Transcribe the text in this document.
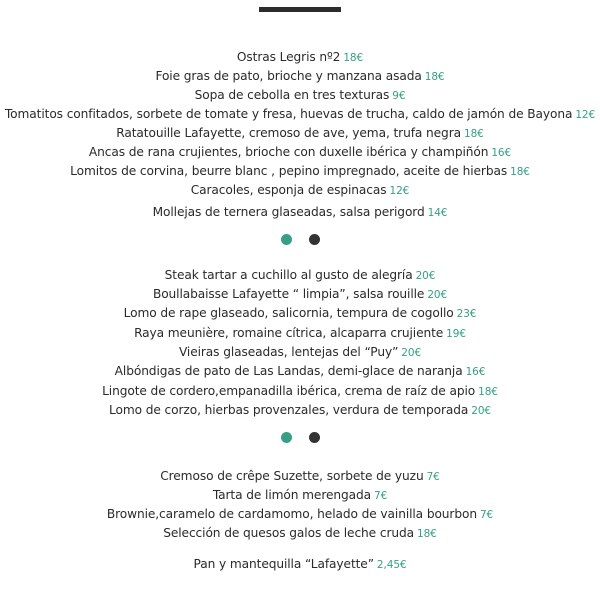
Ostras Legris nº2 18€
Foie gras de pato, brioche y manzana asada 18€
Sopa de cebolla en tres texturas 9€
Tomatitos confitados, sorbete de tomate y fresa, huevas de trucha, caldo de jamón de Bayona 12€
Ratatouille Lafayette, cremoso de ave, yema, trufa negra 18€
Ancas de rana crujientes, brioche con duxelle ibérica y champiñón 16€
Lomitos de corvina, beurre blanc , pepino impregnado, aceite de hierbas 18€
Caracoles, esponja de espinacas 12€
Mollejas de ternera glaseadas, salsa perigord 14€
Steak tartar a cuchillo al gusto de alegría 20€
Boullabaisse Lafayette “ limpia”, salsa rouille 20€
Lomo de rape glaseado, salicornia, tempura de cogollo 23€
Raya meunière, romaine cítrica, alcaparra crujiente 19€
Vieiras glaseadas, lentejas del “Puy” 20€
Albóndigas de pato de Las Landas, demi-glace de naranja 16€
Lingote de cordero,empanadilla ibérica, crema de raíz de apio 18€
Lomo de corzo, hierbas provenzales, verdura de temporada 20€
Cremoso de crêpe Suzette, sorbete de yuzu 7€
Tarta de limón merengada 7€
Brownie,caramelo de cardamomo, helado de vainilla bourbon 7€
Selección de quesos galos de leche cruda 18€
Pan y mantequilla “Lafayette” 2,45€
